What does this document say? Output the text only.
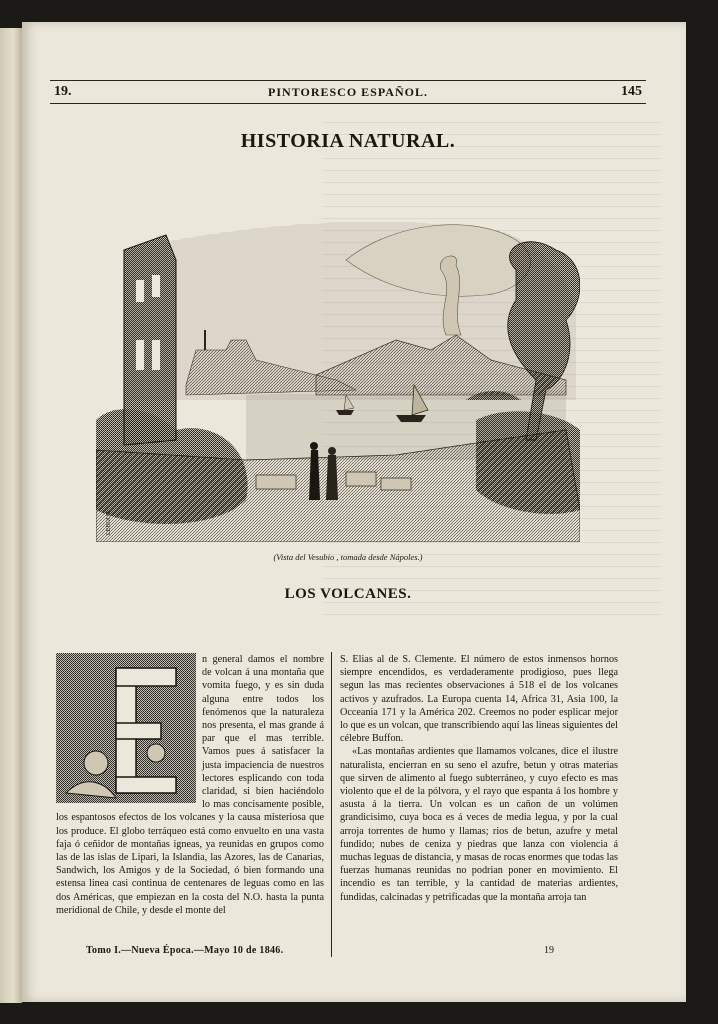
19.	PINTORESCO ESPAÑOL.	145
HISTORIA NATURAL.
LEBOUR
(Vista del Vesubio , tomada desde Nápoles.)
LOS VOLCANES.

n general damos el nombre de volcan á una montaña que vomita fuego, y es sin duda alguna entre todos los fenómenos que la naturaleza nos presenta, el mas grande á par que el mas terrible. Vamos pues á satisfacer la justa impaciencia de nuestros lectores esplicando con toda claridad, si bien haciéndolo lo mas concisamente posible, los espantosos efectos de los volcanes y la causa misteriosa que los produce. El globo terráqueo está como envuelto en una vasta faja ó ceñidor de montañas igneas, ya reunidas en grupos como las de las islas de Lipari, la Islandia, las Azores, las de Canarias, Sandwich, los Amigos y de la Sociedad, ó bien formando una estensa linea casi continua de centenares de leguas como en las dos Américas, que empiezan en la costa del N.O. hasta la punta meridional de Chile, y desde el monte del

S. Elias al de S. Clemente. El número de estos inmensos hornos siempre encendidos, es verdaderamente prodigioso, pues llega segun las mas recientes observaciones á 518 el de los volcanes activos y azufrados. La Europa cuenta 14, Africa 31, Asia 100, la Occeania 171 y la América 202. Creemos no poder esplicar mejor lo que es un volcan, que transcribiendo aquí las lineas siguientes del célebre Buffon.

«Las montañas ardientes que llamamos volcanes, dice el ilustre naturalista, encierran en su seno el azufre, betun y otras materias que sirven de alimento al fuego subterráneo, y cuyo efecto es mas violento que el de la pólvora, y el rayo que espanta á los hombre y asusta á la tierra. Un volcan es un cañon de un volúmen grandicisimo, cuya boca es á veces de media legua, y por la cual arroja torrentes de humo y llamas; rios de betun, azufre y metal fundido; nubes de ceniza y piedras que lanza con violencia á muchas leguas de distancia, y masas de rocas enormes que todas las fuerzas humanas reunidas no podrian poner en movimiento. El incendio es tan terrible, y la cantidad de materias ardientes, fundidas, calcinadas y petrificadas que la montaña arroja tan

Tomo I.—Nueva Época.—Mayo 10 de 1846.	19
